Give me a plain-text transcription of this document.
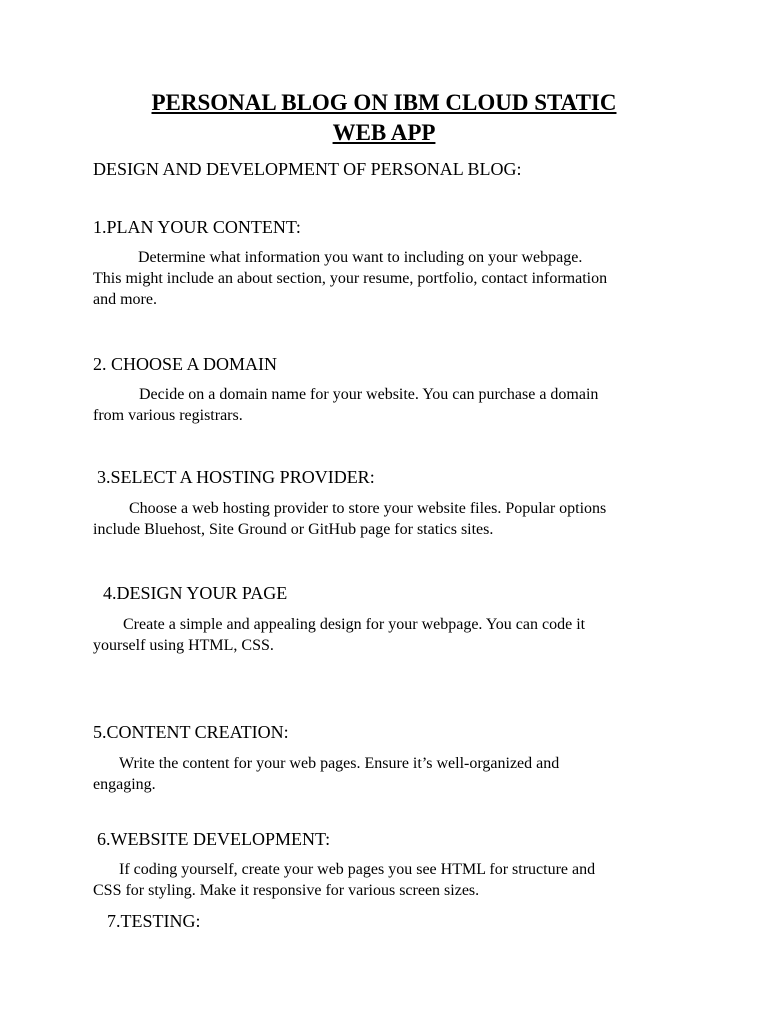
PERSONAL BLOG ON IBM CLOUD STATIC
WEB APP
DESIGN AND DEVELOPMENT OF PERSONAL BLOG:
1.PLAN YOUR CONTENT:
Determine what information you want to including on your webpage.
This might include an about section, your resume, portfolio, contact information
and more.
2. CHOOSE A DOMAIN
Decide on a domain name for your website. You can purchase a domain
from various registrars.
3.SELECT A HOSTING PROVIDER:
Choose a web hosting provider to store your website files. Popular options
include Bluehost, Site Ground or GitHub page for statics sites.
4.DESIGN YOUR PAGE
Create a simple and appealing design for your webpage. You can code it
yourself using HTML, CSS.
5.CONTENT CREATION:
Write the content for your web pages. Ensure it’s well-organized and
engaging.
6.WEBSITE DEVELOPMENT:
If coding yourself, create your web pages you see HTML for structure and
CSS for styling. Make it responsive for various screen sizes.
7.TESTING:
